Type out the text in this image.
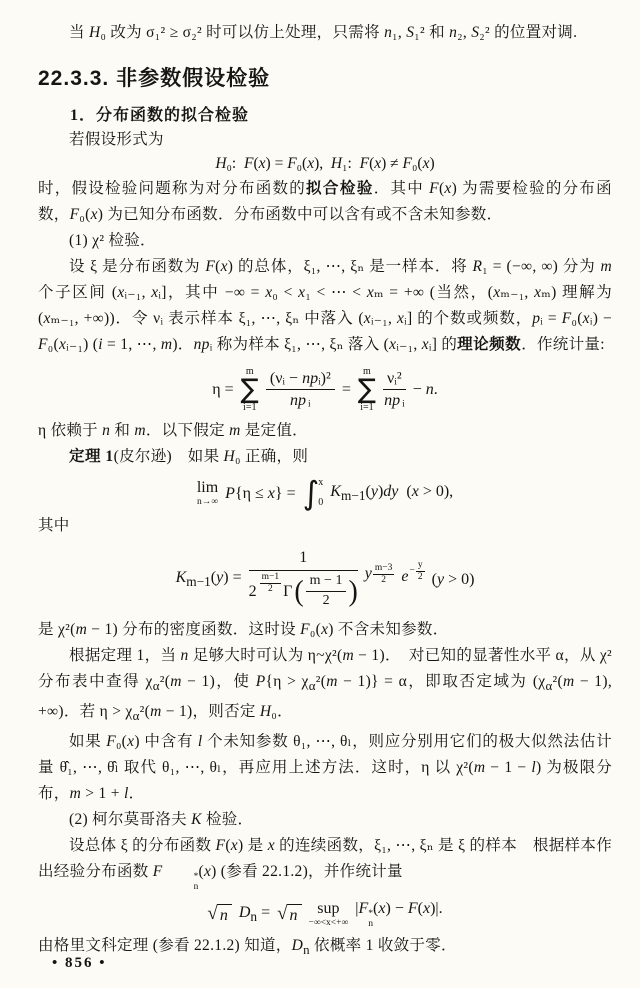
当 H₀ 改为 σ₁² ≥ σ₂² 时可以仿上处理，只需将 n₁, S₁² 和 n₂, S₂² 的位置对调.

22.3.3. 非参数假设检验
1．分布函数的拟合检验

若假设形式为

H₀:  F(x) = F₀(x),  H₁:  F(x) ≠ F₀(x)

时，假设检验问题称为对分布函数的拟合检验．其中 F(x) 为需要检验的分布函数，F₀(x) 为已知分布函数．分布函数中可以含有或不含未知参数．

(1) χ² 检验．

设 ξ 是分布函数为 F(x) 的总体，ξ₁, ⋯, ξₙ 是一样本．将 R₁ = (−∞, ∞) 分为 m 个子区间 (xᵢ₋₁, xᵢ]，其中 −∞ = x₀ < x₁ < ⋯ < xₘ = +∞ (当然，(xₘ₋₁, xₘ) 理解为 (xₘ₋₁, +∞))．令 νᵢ 表示样本 ξ₁, ⋯, ξₙ 中落入 (xᵢ₋₁, xᵢ] 的个数或频数，pᵢ = F₀(xᵢ) − F₀(xᵢ₋₁) (i = 1, ⋯, m)．npᵢ 称为样本 ξ₁, ⋯, ξₙ 落入 (xᵢ₋₁, xᵢ] 的理论频数．作统计量:

η =
m
∑
$i=1 \frac{\text{(νᵢ − npᵢ)²}}{\text{np ᵢ}}$ =
m
∑
$i=1 \frac{\text{νᵢ²}}{\text{np ᵢ}} - n$.

η 依赖于 n 和 m．以下假定 m 是定值．

定理 1(皮尔逊)　如果 H₀ 正确，则

lim
n→∞
P{η ≤ x} = ∫ x
0
$K_{m-1}(y)dy$  (x > 0),

其中

$K_{m-1}(y)$ =
1
$2 \frac{m-1}{2}$ Γ ( $\frac{m - 1}{2}$ )
y $\frac{m-3}{2}$ $e - \frac{y}{2} (y > 0)$

是 χ²(m − 1) 分布的密度函数．这时设 F₀(x) 不含未知参数．

根据定理 1，当 n 足够大时可认为 η~χ²(m − 1)．　对已知的显著性水平 α，从 χ² 分布表中查得 $\chi_\alpha^2(m - 1)$，使 $P\{\eta > \chi_\alpha^2(m - 1)\} = \alpha$，即取否定域为 ($\chi_\alpha^2(m - 1)$, +∞)．若 $\eta > \chi_\alpha^2(m - 1)$，则否定 H₀．

如果 F₀(x) 中含有 l 个未知参数 θ₁, ⋯, θₗ，则应分别用它们的极大似然法估计量 θ̂₁, ⋯, θ̂ₗ 取代 θ₁, ⋯, θₗ，再应用上述方法．这时，η 以 χ²(m − 1 − l) 为极限分布，m > 1 + l．

(2) 柯尔莫哥洛夫 K 检验．

设总体 ξ 的分布函数 F(x) 是 x 的连续函数，ξ₁, ⋯, ξₙ 是 ξ 的样本　根据样本作出经验分布函数 F	*
n
(x) (参看 22.1.2)，并作统计量

√ n $D_n$ = √ n sup
−∞<x<+∞
|F *
n
(x) − F(x)|.

由格里文科定理 (参看 22.1.2) 知道，$D_n$ 依概率 1 收敛于零．

• 856 •
